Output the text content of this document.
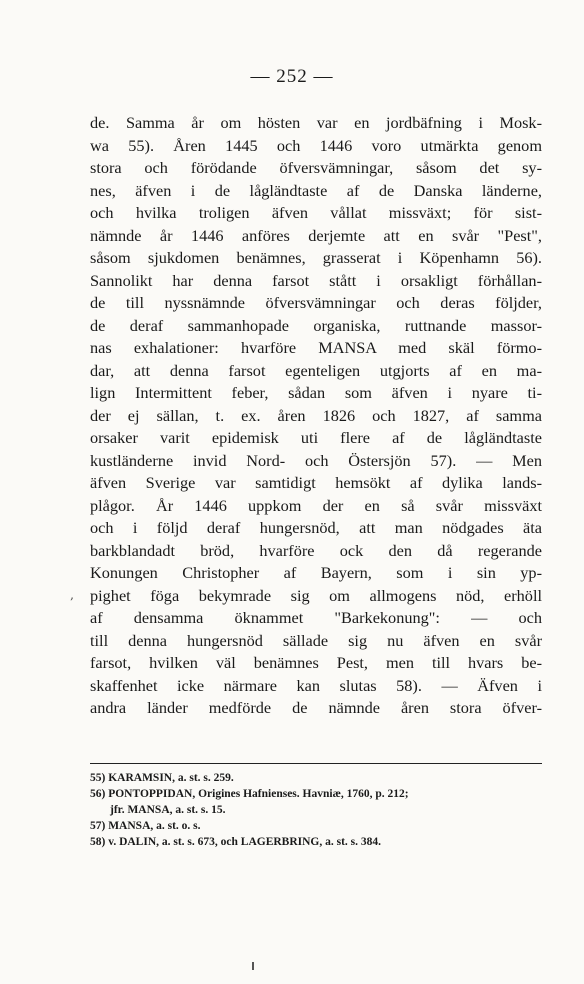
— 252 —
de. Samma år om hösten var en jordbäfning i Mosk-
wa 55). Åren 1445 och 1446 voro utmärkta genom
stora och förödande öfversvämningar, såsom det sy-
nes, äfven i de lågländtaste af de Danska länderne,
och hvilka troligen äfven vållat missväxt; för sist-
nämnde år 1446 anföres derjemte att en svår "Pest",
såsom sjukdomen benämnes, grasserat i Köpenhamn 56).
Sannolikt har denna farsot stått i orsakligt förhållan-
de till nyssnämnde öfversvämningar och deras följder,
de deraf sammanhopade organiska, ruttnande massor-
nas exhalationer: hvarföre MANSA med skäl förmo-
dar, att denna farsot egenteligen utgjorts af en ma-
lign Intermittent feber, sådan som äfven i nyare ti-
der ej sällan, t. ex. åren 1826 och 1827, af samma
orsaker varit epidemisk uti flere af de lågländtaste
kustländerne invid Nord- och Östersjön 57). — Men
äfven Sverige var samtidigt hemsökt af dylika lands-
plågor. År 1446 uppkom der en så svår missväxt
och i följd deraf hungersnöd, att man nödgades äta
barkblandadt bröd, hvarföre ock den då regerande
Konungen Christopher af Bayern, som i sin yp-
pighet föga bekymrade sig om allmogens nöd, erhöll
af densamma öknammet "Barkekonung": — och
till denna hungersnöd sällade sig nu äfven en svår
farsot, hvilken väl benämnes Pest, men till hvars be-
skaffenhet icke närmare kan slutas 58). — Äfven i
andra länder medförde de nämnde åren stora öfver-
‚
55) KARAMSIN, a. st. s. 259.
56) PONTOPPIDAN, Origines Hafnienses. Havniæ, 1760, p. 212;
jfr. MANSA, a. st. s. 15.
57) MANSA, a. st. o. s.
58) v. DALIN, a. st. s. 673, och LAGERBRING, a. st. s. 384.
